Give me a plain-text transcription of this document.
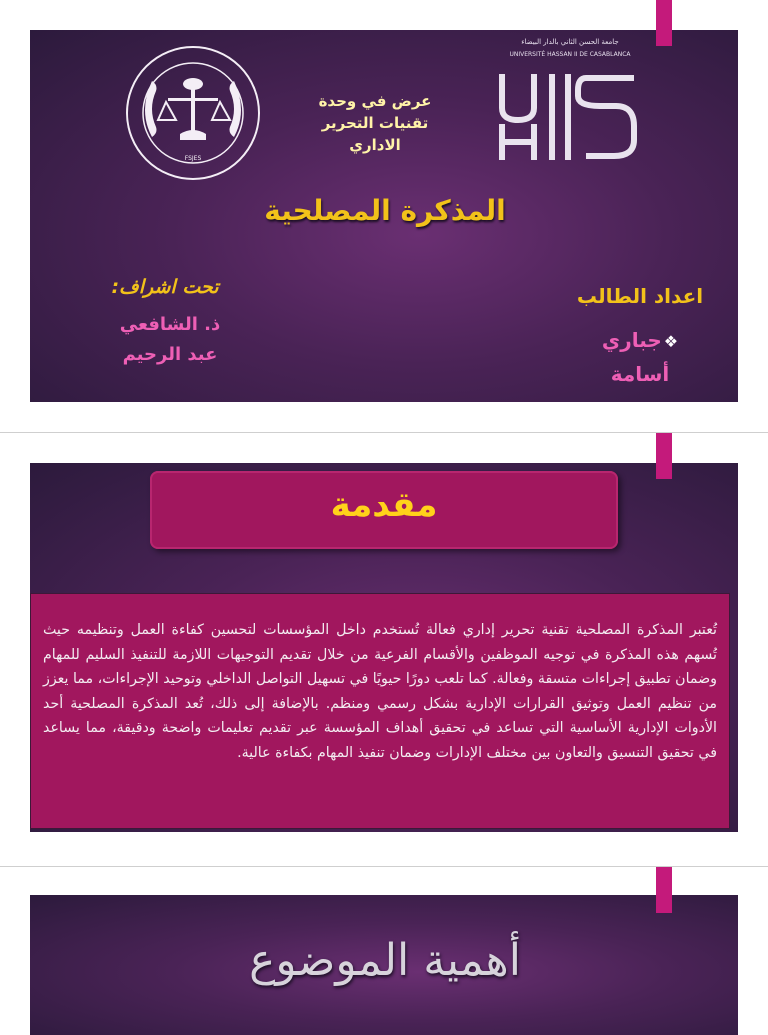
FSJES
جامعة الحسن الثاني بالدار البيضاء
UNIVERSITÉ HASSAN II DE CASABLANCA
عرض في وحدة
تقنيات التحرير
الاداري
المذكرة المصلحية
تحت اشراف:
ذ. الشافعي
عبد الرحيم
اعداد الطالب
❖جباري
أسامة
مقدمة
تُعتبر المذكرة المصلحية تقنية تحرير إداري فعالة تُستخدم داخل المؤسسات لتحسين كفاءة العمل وتنظيمه حيث تُسهم هذه المذكرة في توجيه الموظفين والأقسام الفرعية من خلال تقديم التوجيهات اللازمة للتنفيذ السليم للمهام وضمان تطبيق إجراءات متسقة وفعالة. كما تلعب دورًا حيويًا في تسهيل التواصل الداخلي وتوحيد الإجراءات، مما يعزز من تنظيم العمل وتوثيق القرارات الإدارية بشكل رسمي ومنظم. بالإضافة إلى ذلك، تُعد المذكرة المصلحية أحد الأدوات الإدارية الأساسية التي تساعد في تحقيق أهداف المؤسسة عبر تقديم تعليمات واضحة ودقيقة، مما يساعد في تحقيق التنسيق والتعاون بين مختلف الإدارات وضمان تنفيذ المهام بكفاءة عالية.
أهمية الموضوع
